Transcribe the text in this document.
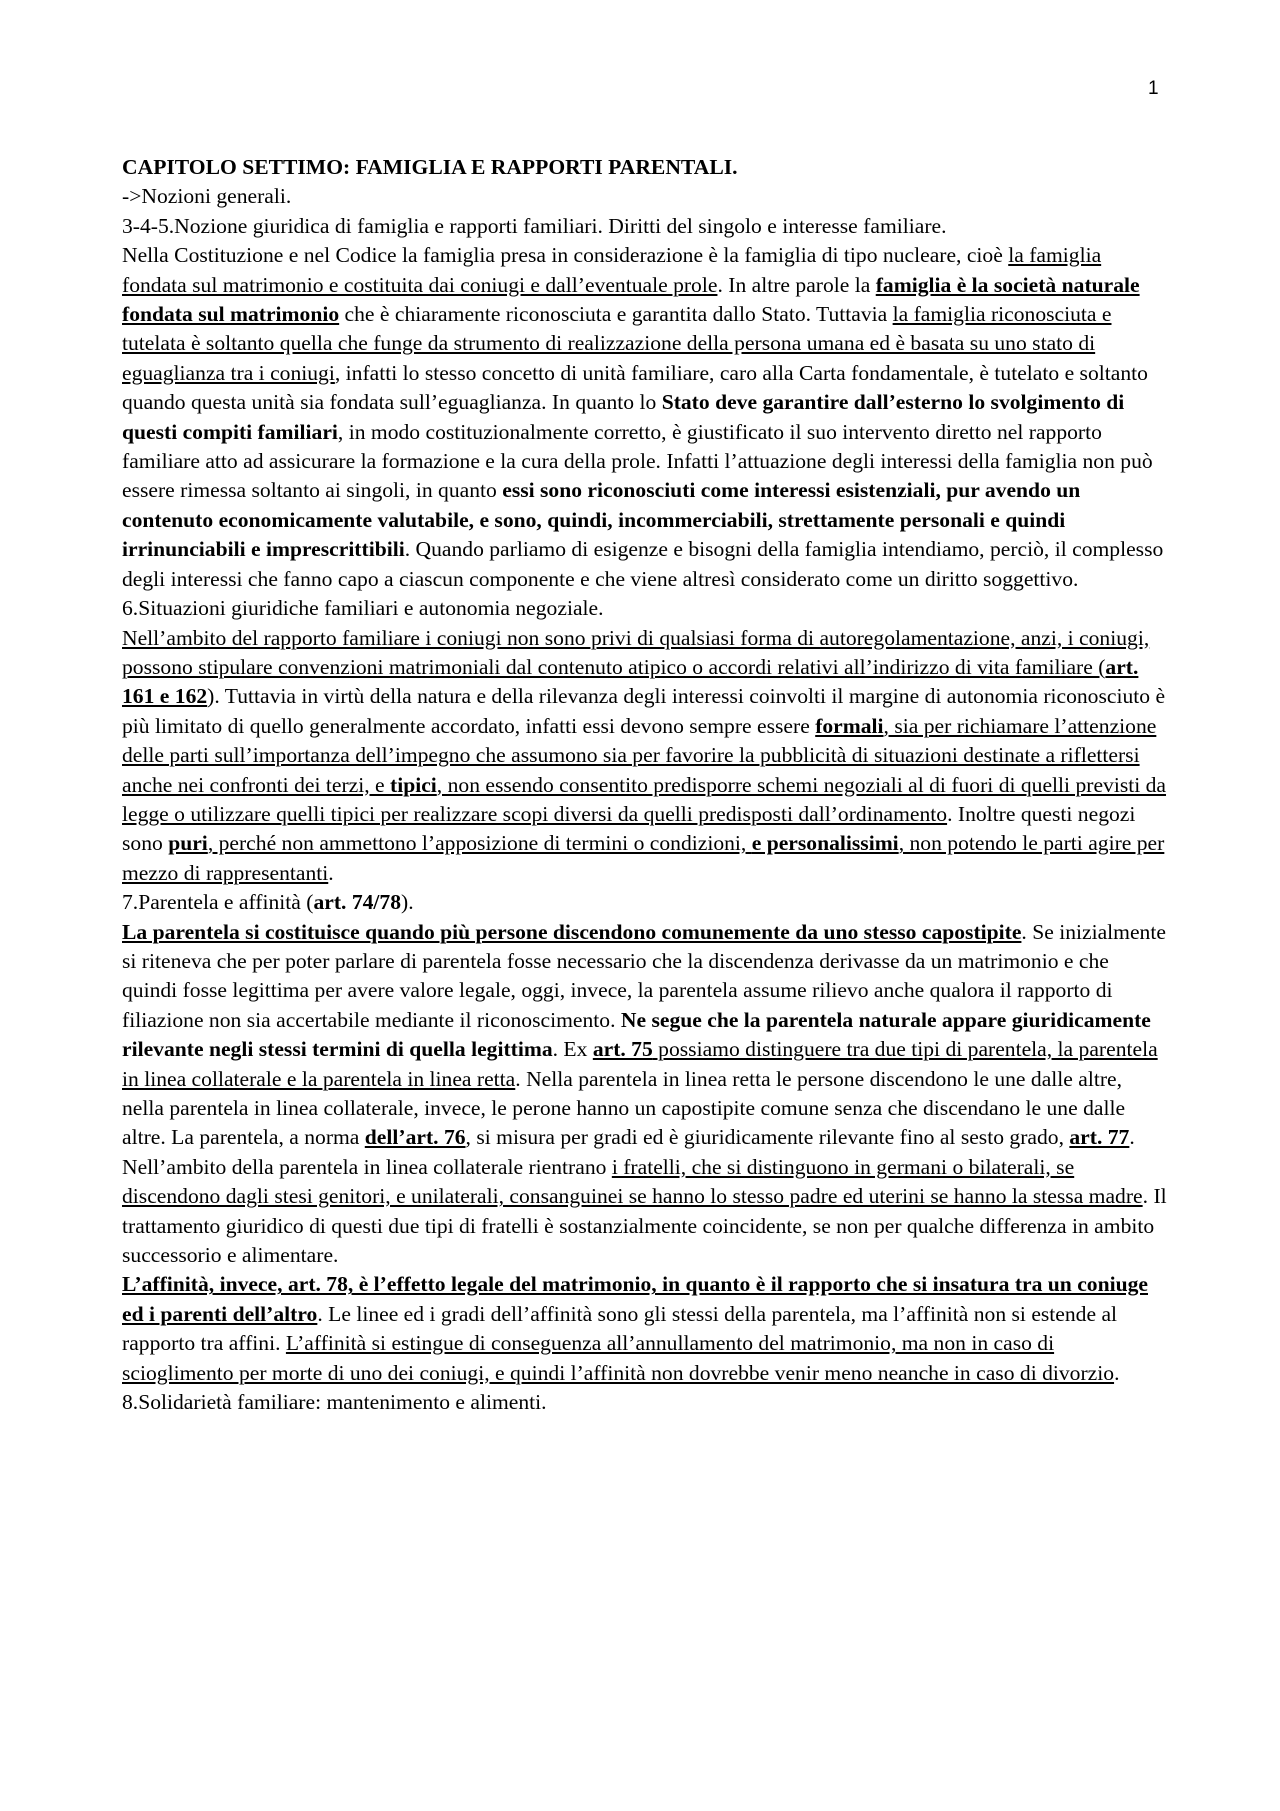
1

CAPITOLO SETTIMO: FAMIGLIA E RAPPORTI PARENTALI.

->Nozioni generali.

3-4-5.Nozione giuridica di famiglia e rapporti familiari. Diritti del singolo e interesse familiare.

Nella Costituzione e nel Codice la famiglia presa in considerazione è la famiglia di tipo nucleare, cioè la famiglia fondata sul matrimonio e costituita dai coniugi e dall’eventuale prole. In altre parole la famiglia è la società naturale fondata sul matrimonio che è chiaramente riconosciuta e garantita dallo Stato. Tuttavia la famiglia riconosciuta e tutelata è soltanto quella che funge da strumento di realizzazione della persona umana ed è basata su uno stato di eguaglianza tra i coniugi, infatti lo stesso concetto di unità familiare, caro alla Carta fondamentale, è tutelato e soltanto quando questa unità sia fondata sull’eguaglianza. In quanto lo Stato deve garantire dall’esterno lo svolgimento di questi compiti familiari, in modo costituzionalmente corretto, è giustificato il suo intervento diretto nel rapporto familiare atto ad assicurare la formazione e la cura della prole. Infatti l’attuazione degli interessi della famiglia non può essere rimessa soltanto ai singoli, in quanto essi sono riconosciuti come interessi esistenziali, pur avendo un contenuto economicamente valutabile, e sono, quindi, incommerciabili, strettamente personali e quindi irrinunciabili e imprescrittibili. Quando parliamo di esigenze e bisogni della famiglia intendiamo, perciò, il complesso degli interessi che fanno capo a ciascun componente e che viene altresì considerato come un diritto soggettivo.

6.Situazioni giuridiche familiari e autonomia negoziale.

Nell’ambito del rapporto familiare i coniugi non sono privi di qualsiasi forma di autoregolamentazione, anzi, i coniugi, possono stipulare convenzioni matrimoniali dal contenuto atipico o accordi relativi all’indirizzo di vita familiare (art. 161 e 162). Tuttavia in virtù della natura e della rilevanza degli interessi coinvolti il margine di autonomia riconosciuto è più limitato di quello generalmente accordato, infatti essi devono sempre essere formali, sia per richiamare l’attenzione delle parti sull’importanza dell’impegno che assumono sia per favorire la pubblicità di situazioni destinate a riflettersi anche nei confronti dei terzi, e tipici, non essendo consentito predisporre schemi negoziali al di fuori di quelli previsti da legge o utilizzare quelli tipici per realizzare scopi diversi da quelli predisposti dall’ordinamento. Inoltre questi negozi sono puri, perché non ammettono l’apposizione di termini o condizioni, e personalissimi, non potendo le parti agire per mezzo di rappresentanti.

7.Parentela e affinità (art. 74/78).

La parentela si costituisce quando più persone discendono comunemente da uno stesso capostipite. Se inizialmente si riteneva che per poter parlare di parentela fosse necessario che la discendenza derivasse da un matrimonio e che quindi fosse legittima per avere valore legale, oggi, invece, la parentela assume rilievo anche qualora il rapporto di filiazione non sia accertabile mediante il riconoscimento. Ne segue che la parentela naturale appare giuridicamente rilevante negli stessi termini di quella legittima. Ex art. 75 possiamo distinguere tra due tipi di parentela, la parentela in linea collaterale e la parentela in linea retta. Nella parentela in linea retta le persone discendono le une dalle altre, nella parentela in linea collaterale, invece, le perone hanno un capostipite comune senza che discendano le une dalle altre. La parentela, a norma dell’art. 76, si misura per gradi ed è giuridicamente rilevante fino al sesto grado, art. 77. Nell’ambito della parentela in linea collaterale rientrano i fratelli, che si distinguono in germani o bilaterali, se discendono dagli stesi genitori, e unilaterali, consanguinei se hanno lo stesso padre ed uterini se hanno la stessa madre. Il trattamento giuridico di questi due tipi di fratelli è sostanzialmente coincidente, se non per qualche differenza in ambito successorio e alimentare.

L’affinità, invece, art. 78, è l’effetto legale del matrimonio, in quanto è il rapporto che si insatura tra un coniuge ed i parenti dell’altro. Le linee ed i gradi dell’affinità sono gli stessi della parentela, ma l’affinità non si estende al rapporto tra affini. L’affinità si estingue di conseguenza all’annullamento del matrimonio, ma non in caso di scioglimento per morte di uno dei coniugi, e quindi l’affinità non dovrebbe venir meno neanche in caso di divorzio.

8.Solidarietà familiare: mantenimento e alimenti.
